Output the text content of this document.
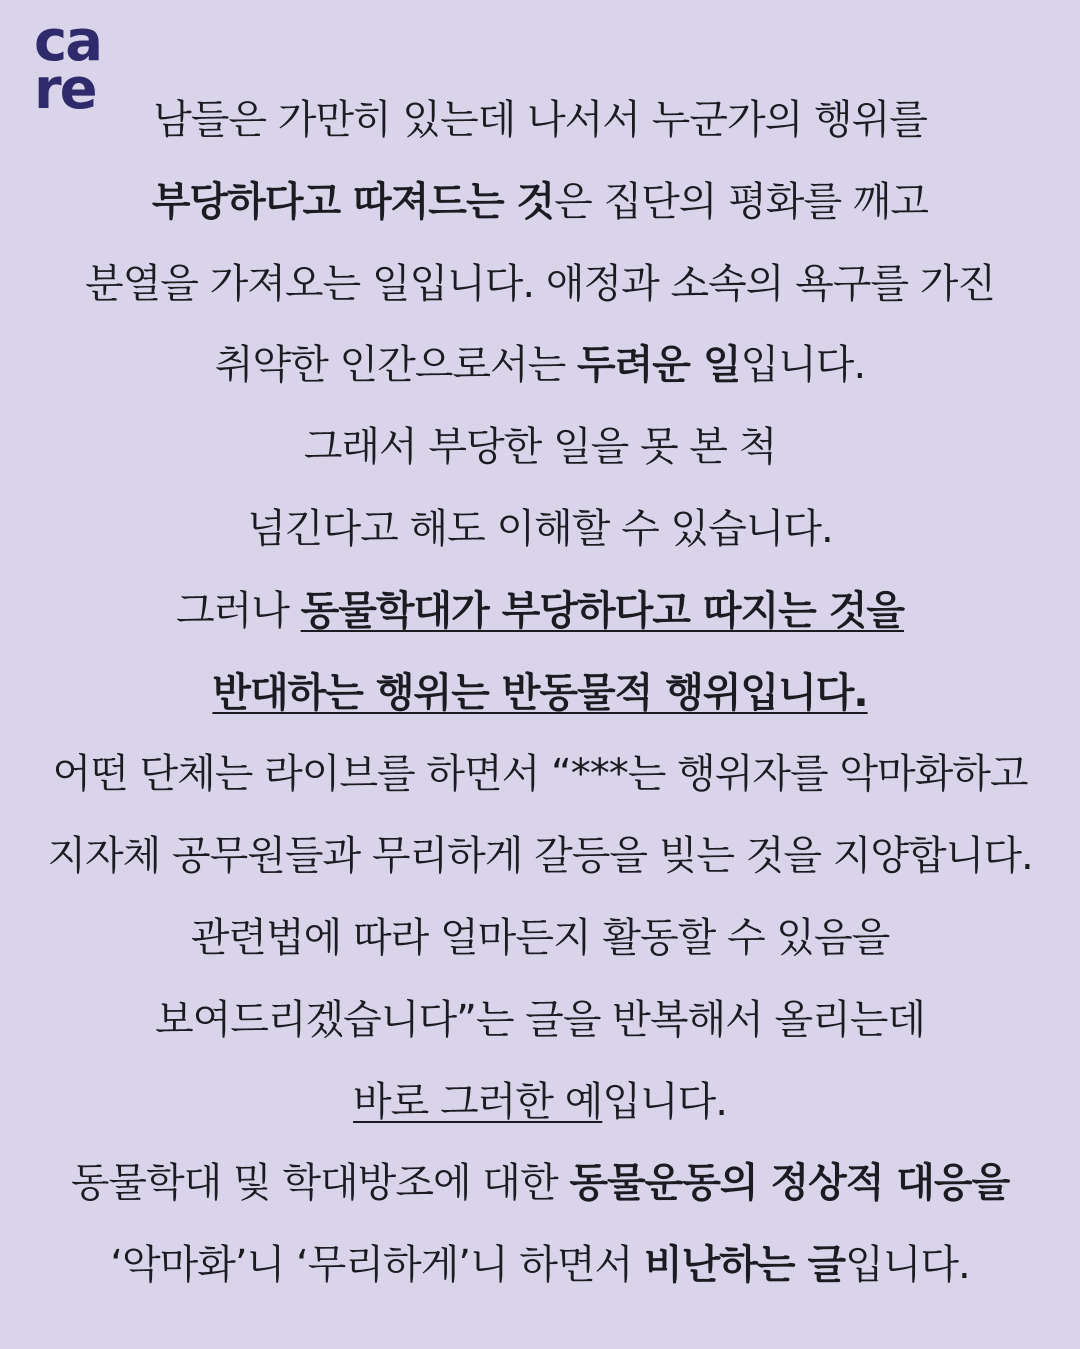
ca
re	남들은 가만히 있는데 나서서 누군가의 행위를
부당하다고 따져드는 것은 집단의 평화를 깨고
분열을 가져오는 일입니다. 애정과 소속의 욕구를 가진
취약한 인간으로서는 두려운 일입니다.
그래서 부당한 일을 못 본 척
넘긴다고 해도 이해할 수 있습니다.
그러나 동물학대가 부당하다고 따지는 것을
반대하는 행위는 반동물적 행위입니다.
어떤 단체는 라이브를 하면서 “***는 행위자를 악마화하고
지자체 공무원들과 무리하게 갈등을 빚는 것을 지양합니다.
관련법에 따라 얼마든지 활동할 수 있음을
보여드리겠습니다”는 글을 반복해서 올리는데
바로 그러한 예입니다.
동물학대 및 학대방조에 대한 동물운동의 정상적 대응을
‘악마화’니 ‘무리하게’니 하면서 비난하는 글입니다.
